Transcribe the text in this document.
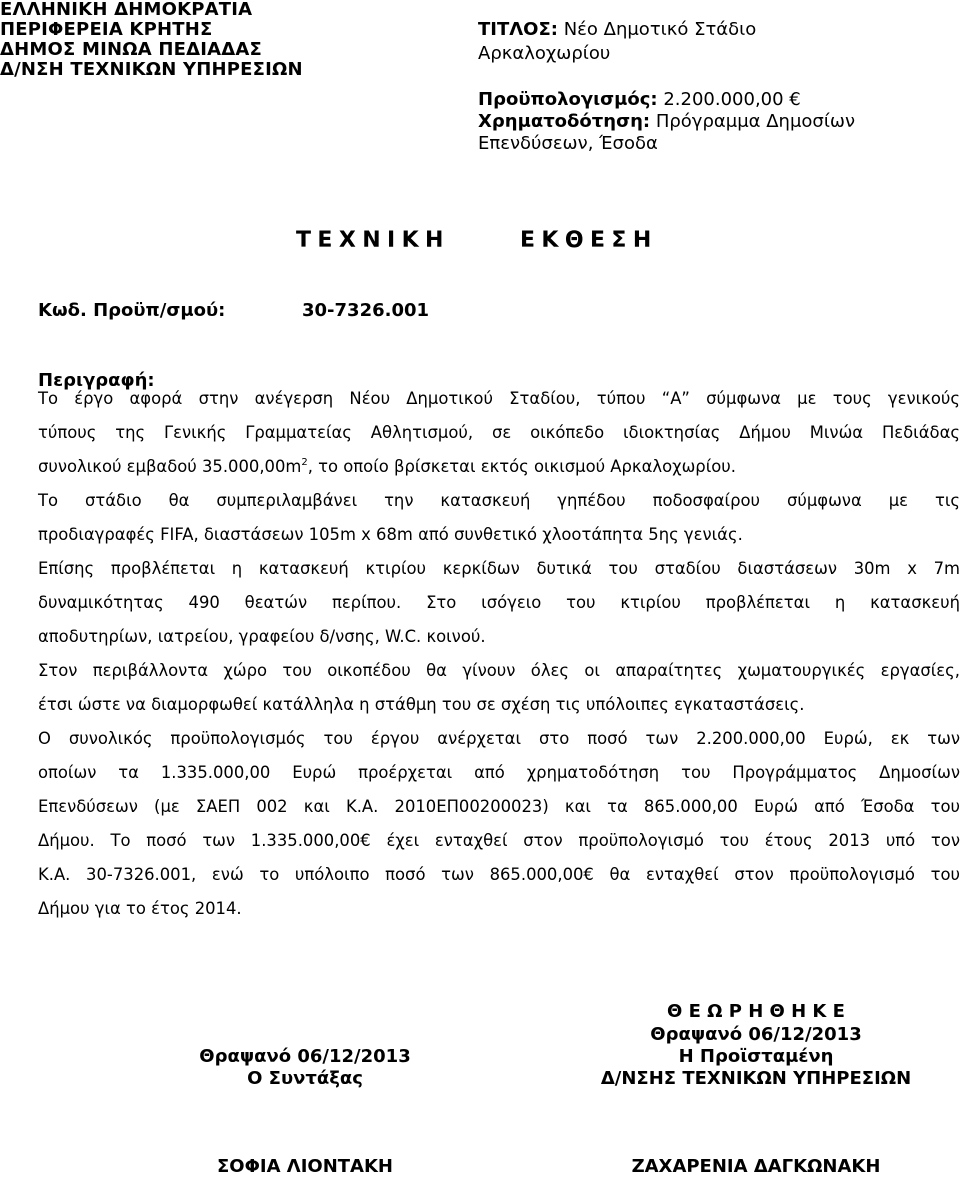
ΕΛΛΗΝΙΚΗ ΔΗΜΟΚΡΑΤΙΑ
ΠΕΡΙΦΕΡΕΙΑ ΚΡΗΤΗΣ
ΔΗΜΟΣ ΜΙΝΩΑ ΠΕΔΙΑΔΑΣ
Δ/ΝΣΗ ΤΕΧΝΙΚΩΝ ΥΠΗΡΕΣΙΩΝ
ΤΙΤΛΟΣ: Νέο Δημοτικό Στάδιο
Αρκαλοχωρίου
Προϋπολογισμός: 2.200.000,00 €
Χρηματοδότηση: Πρόγραμμα Δημοσίων
Επενδύσεων, Έσοδα
ΤΕΧΝΙΚΗ	ΕΚΘΕΣΗ
Κωδ. Προϋπ/σμού:	30-7326.001
Περιγραφή:
Το έργο αφορά στην ανέγερση Νέου Δημοτικού Σταδίου, τύπου “Α” σύμφωνα με τους γενικούς
τύπους της Γενικής Γραμματείας Αθλητισμού, σε οικόπεδο ιδιοκτησίας Δήμου Μινώα Πεδιάδας
συνολικού εμβαδού $35.000,00m^2$, το οποίο βρίσκεται εκτός οικισμού Αρκαλοχωρίου.
Το στάδιο θα συμπεριλαμβάνει την κατασκευή γηπέδου ποδοσφαίρου σύμφωνα με τις
προδιαγραφές FIFA, διαστάσεων 105m x 68m από συνθετικό χλοοτάπητα 5ης γενιάς.
Επίσης προβλέπεται η κατασκευή κτιρίου κερκίδων δυτικά του σταδίου διαστάσεων 30m x 7m
δυναμικότητας 490 θεατών περίπου. Στο ισόγειο του κτιρίου προβλέπεται η κατασκευή
αποδυτηρίων, ιατρείου, γραφείου δ/νσης, W.C. κοινού.
Στον περιβάλλοντα χώρο του οικοπέδου θα γίνουν όλες οι απαραίτητες χωματουργικές εργασίες,
έτσι ώστε να διαμορφωθεί κατάλληλα η στάθμη του σε σχέση τις υπόλοιπες εγκαταστάσεις.
Ο συνολικός προϋπολογισμός του έργου ανέρχεται στο ποσό των 2.200.000,00 Ευρώ, εκ των
οποίων τα 1.335.000,00 Ευρώ προέρχεται από χρηματοδότηση του Προγράμματος Δημοσίων
Επενδύσεων (με ΣΑΕΠ 002 και Κ.Α. 2010ΕΠ00200023) και τα 865.000,00 Ευρώ από Έσοδα του
Δήμου. Το ποσό των 1.335.000,00€ έχει ενταχθεί στον προϋπολογισμό του έτους 2013 υπό τον
Κ.Α. 30-7326.001, ενώ το υπόλοιπο ποσό των 865.000,00€ θα ενταχθεί στον προϋπολογισμό του
Δήμου για το έτος 2014.
Θραψανό 06/12/2013
Ο Συντάξας
ΣΟΦΙΑ ΛΙΟΝΤΑΚΗ
Θ Ε Ω Ρ Η Θ Η Κ Ε
Θραψανό 06/12/2013
Η Προϊσταμένη
Δ/ΝΣΗΣ ΤΕΧΝΙΚΩΝ ΥΠΗΡΕΣΙΩΝ
ΖΑΧΑΡΕΝΙΑ ΔΑΓΚΩΝΑΚΗ
